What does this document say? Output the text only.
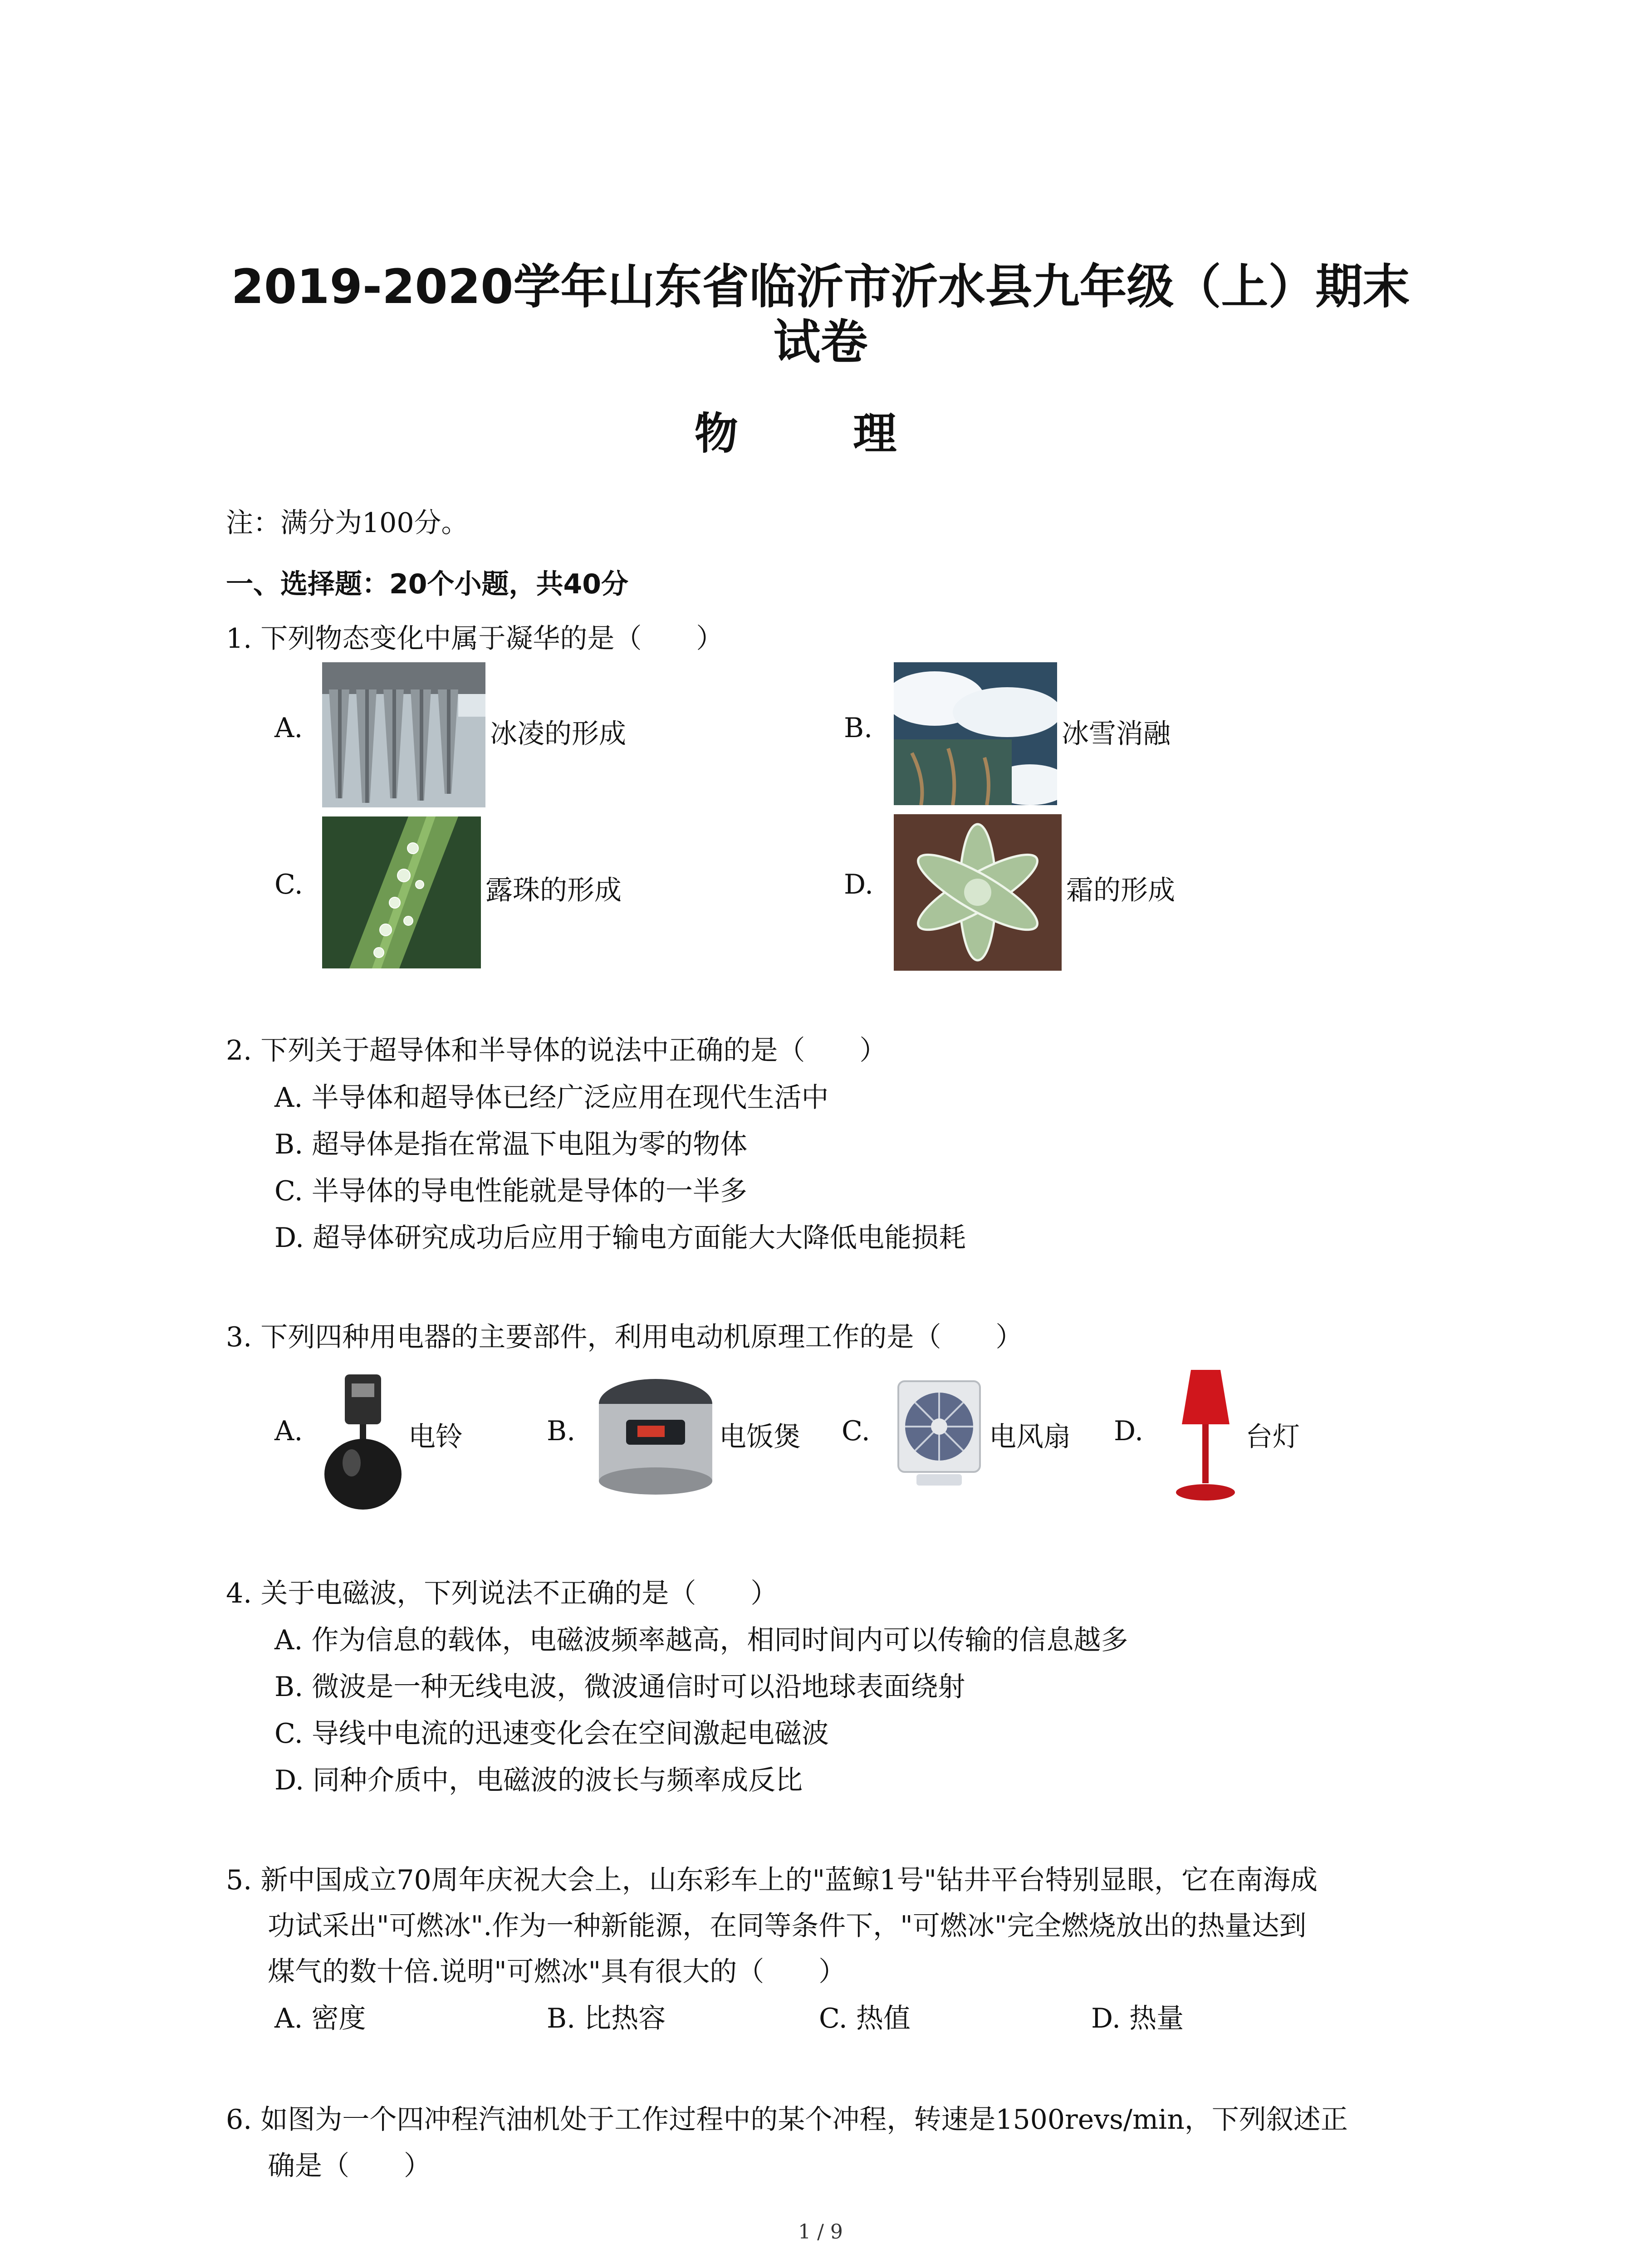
2019-2020学年山东省临沂市沂水县九年级（上）期末
试卷
物 理
注：满分为100分。
一、选择题：20个小题，共40分
1. 下列物态变化中属于凝华的是（　　）
A.	冰凌的形成	B.	冰雪消融
C.	露珠的形成	D.	霜的形成
2. 下列关于超导体和半导体的说法中正确的是（　　）
A. 半导体和超导体已经广泛应用在现代生活中
B. 超导体是指在常温下电阻为零的物体
C. 半导体的导电性能就是导体的一半多
D. 超导体研究成功后应用于输电方面能大大降低电能损耗
3. 下列四种用电器的主要部件，利用电动机原理工作的是（　　）
A.	电铃	B.	电饭煲 C.	电风扇 D.	台灯
4. 关于电磁波，下列说法不正确的是（　　）
A. 作为信息的载体，电磁波频率越高，相同时间内可以传输的信息越多
B. 微波是一种无线电波，微波通信时可以沿地球表面绕射
C. 导线中电流的迅速变化会在空间激起电磁波
D. 同种介质中，电磁波的波长与频率成反比
5. 新中国成立70周年庆祝大会上，山东彩车上的"蓝鲸1号"钻井平台特别显眼，它在南海成
功试采出"可燃冰".作为一种新能源，在同等条件下，"可燃冰"完全燃烧放出的热量达到
煤气的数十倍.说明"可燃冰"具有很大的（　　）
A. 密度	B. 比热容	C. 热值	D. 热量
6. 如图为一个四冲程汽油机处于工作过程中的某个冲程，转速是1500revs/min，下列叙述正
确是（　　）
1 / 9
